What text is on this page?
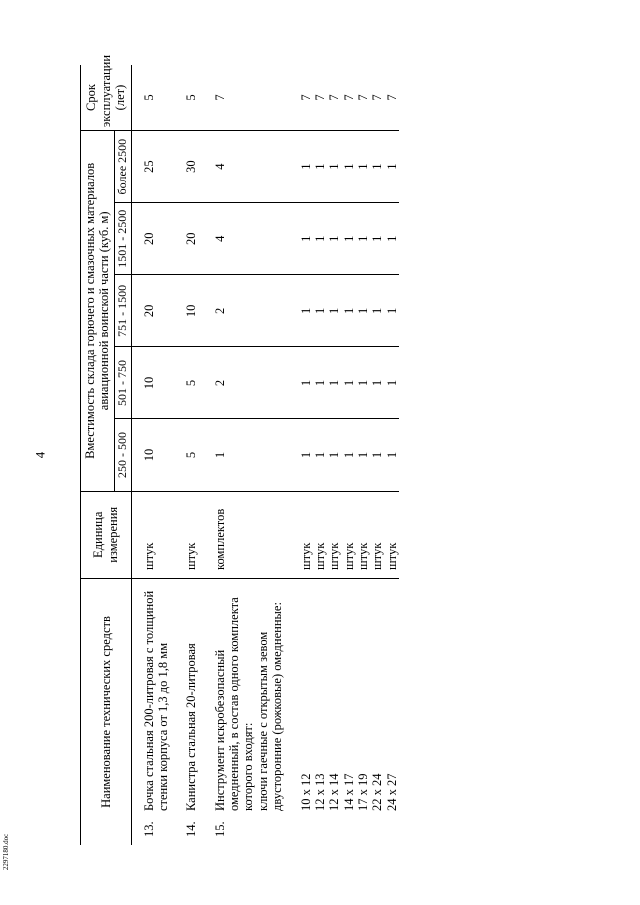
4
2297180.doc
Наименование технических средств	Единица измерения	Вместимость склада горючего и смазочных материалов авиационной воинской части (куб. м)					Срок эксплуатации (лет)
		250 - 500	501 - 750	751 - 1500	1501 - 2500	более 2500	

13.
Бочка стальная 200-литровая с толщиной стенки корпуса от 1,3 до 1,8 мм	штук	10	10	20	20	25	5

14.
Канистра стальная 20-литровая	штук	5	5	10	20	30	5

15.
Инструмент искробезопасный омедненный, в состав одного комплекта которого входят:	комплектов	1	2	2	4	4	7

ключи гаечные с открытым зевом двусторонние (рожковые) омедненные:							

10 x 12	штук	1	1	1	1	1	7

12 x 13	штук	1	1	1	1	1	7

12 x 14	штук	1	1	1	1	1	7

14 x 17	штук	1	1	1	1	1	7

17 x 19	штук	1	1	1	1	1	7

22 x 24	штук	1	1	1	1	1	7

24 x 27	штук	1	1	1	1	1	7
